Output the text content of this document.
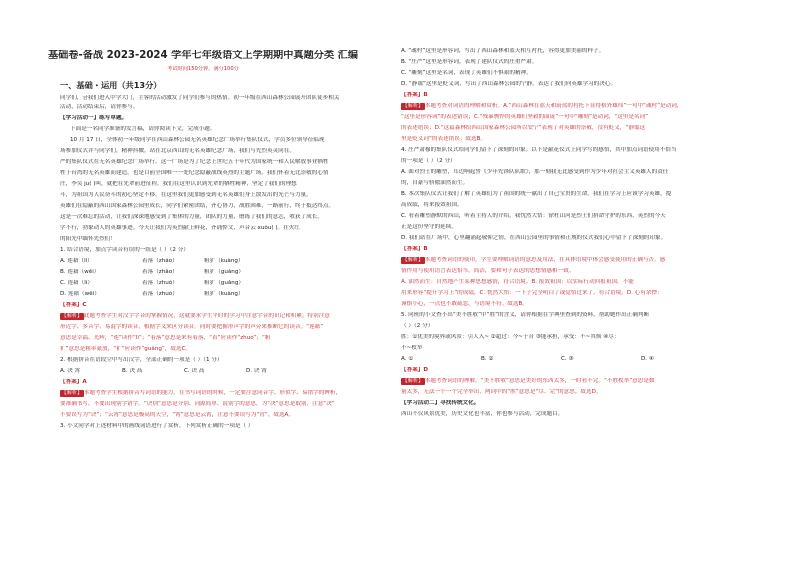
基础卷-备战 2023-2024 学年七年级语文上学期期中真题分类 汇编
考试时间150分钟，满分100分
一、基础・运用（共13分）
同学们，금我们进入中学大门，主客的活动激发了同学们参与的热情。初一年级在西山森林公园展开团队徒步相关
活动，活动结束后，请你参与。
【学习活动一】练写草题。
下面是一名同学准备的发言稿，请你阅读下文，完成小题。
10 月 17 日，全体初一年级同学在西山森林公园无名英雄纪念广场举行集队仪式，学员多位领导莅临现
场参加仪式并与同学们，精神抖擞。站在北京西山的无名英雄纪念广场，我们与先烈英灵同在。
严的集队仪式在无名英雄纪念广场举行。这一广场是为了纪念上世纪五十年代为国家统一和人民解放事业牺牲
牲于台湾的无名英雄而建造。也是目前全国唯一一处纪念隐蔽战线英烈的主题广场。我们怀着无比崇敬的心情
庄，李吴 ju( )叫，就把在先辈前进征程。我们在这里认识到先辈的牺牲精神，坚定了我们的理想
斗，为祖国为人民奋斗的初心坚定不移。在这里我们更加感受到无名英雄们身上散发出的光芒与力量。
英雄们在隐蔽的西山国家森林公园里成长，同学们紧密团结，齐心协力，战胜困难，一路前行，终于抵达终点。
这是一次难忘的活动，让我们深深地感受到了集体的力量，团队的力量，磨练了我们的意志，收获了成长。
学不行，勃象动人的英雄事迹。今天让我们为英烈献上鲜花，齐诵悼文，声音云 xuǒu( )。在火红
的阳光中缅怀先烈们！
1. 结合语境，加点字读音有误的一组是（ ）（2 分）
A. 莲藉（lì）	着落（zháo）	粗犷（kuàng）
B. 莲藉（wěi）	着落（zhāo）	粗犷（guǎng）
C. 莲藉（lì）	着落（zhuó）	粗犷（guǎng）
D. 莲藉（wěi）	着落（zhuó）	粗犷（kuàng）
【答案】C
【解析】 此题考查学生对汉字字音的掌握情况，这就要求学生平时的学习中注意字音的识记和积累。特别注意
形近字、多音字、易混字的读音，根据字义来区分读音。同时要把握形声字的声旁来推断它的读音。“莲藉”
意思是幸福、光辉，“莲”读作“lì”；“着落”意思是来有着落，“着”应读作“zhuó”；“粗
犷”意思是粗率豪放，“犷”应读作“guǎng”，故选C。
2. 根据拼音在语段空中写出汉字，全部正确的一项是（ ）（1 分）
A. 决 霄	B. 决 高	C. 诀 高	D. 诀 霄
【答案】A
【解析】 本题考查学生根据拼音写词语的能力。在书写词语的时候，一定要注意同音字、形似字、易错字的辨析，
要准确书写，不要出现别字错字。“诀别”意思是分别、词源简单、说别字的意思，为“决”意思是取别，注意“决”
不要误写为“诀”；“云霄”意思是极高的天空，“霄”意思是云霄，注意不要误写为“宵”。故选A。
3. 小文同学对上述材料中的画线词语进行了赏析，下列赏析正确的一项是（ ）
A. “魂村”这里是形容词，写出了西山森林和蓝天相互衬托，容得更加美丽的样子。
B. “庄严”这里是形容词，表现了建队仪式的庄重严肃。
C. “雕刻”这里是名词，表现了英雄们不惧艰的精神。
D. “静谧”这里是贬义词，写出了西山森林公园的宁静，表达了我们向英雄学习的决心。
【答案】B
【解析】 本题考查对词语的理解和赏析。A.“西山森林在蓝天和蔚蓝的衬托下显得格外雄伟”一句中“魂村”是动词，
“这里是形容词”的表述错误；C.“残暴剽悍的英雄们坚毅的面庞”一句中“雕刻”是动词，“这里是名词”
的表述错误；D.“这篇森林给西山国家森林公园所以安宁”表现了对英雄的崇敬，没有贬义，“静谧这
里是贬义词”的表述错误；故选B。
4. 庄严肃穆的集队仪式给同学们留下了深刻的印象。以下是献花仪式上同学写的感悟，其中加点词语使用不恰当
的一项是（ ）（2 分）
A. 面对烈士的雕塑，耳边响起誓《少年先锋队队歌》，那一刻我无比感受到作为少年对社会主义英雄人的责任
的，自豪与骄傲油然而生。
B. 本次集队仪式让我们了解了英雄们为了祖国的统一献出了自己宝贵的生命。我们在学习上应该学习英雄，提
高成绩，将来报效祖国。
C. 看着雕塑静默的西山，听着主持人的介绍，我忧然大悟：徐杜山河是烈士们拼命守护的东西，英烈的今天
正是这份坚守的延续。
D. 我们站在广场中，心里翻涌起敬仰之情，在西山公园里的事情和正规的仪式我们心中留下了深刻的印象。
【答案】B
【解析】 本题考查词语的使用，学生要理解词语的意思及用法，在具体语境中体会感受使用的正确与否。感
情作用与使用语言表达恰当，简洁，要和句子表达的思想情感相一致。
A. 油然而生：自然地产生某种思想感情，符合语境。B. 报效祖国：以实际行动回报祖国，不能
用来形容“提升学习上”的成绩，C. 恍然大悟：一下子完全明白了或觉悟过来了，符合语境。D. 心有余悸：
谨慎小心，一点也不敢疏忽，与语境不符。故选B。
5. 同班的小文查不出“美不胜收”中“胜”的含义，请你根据在字典里查到的资料，帮助她作出正确判断
（ ）（2 分）
胜：①优美的境界或风景：引人入~ ②超过：今~于昔 ③能承担，承受：不~其烦 ④尽：
不~枚举
A. ①	B. ②	C. ③	D. ④
【答案】D
【解析】 本题考查词语的理解。“美不胜收”意思是美好的东西太多，一时看不完。“不胜枚举”意思是数
量太多，无法一个一个完全举出，两词中的“胜”意思是“尽、完”的意思。故选D。
【学习活动二】寻找传统文化。
西山不仅风景优美，历史文化也丰富，你也参与活动，完成题目。
